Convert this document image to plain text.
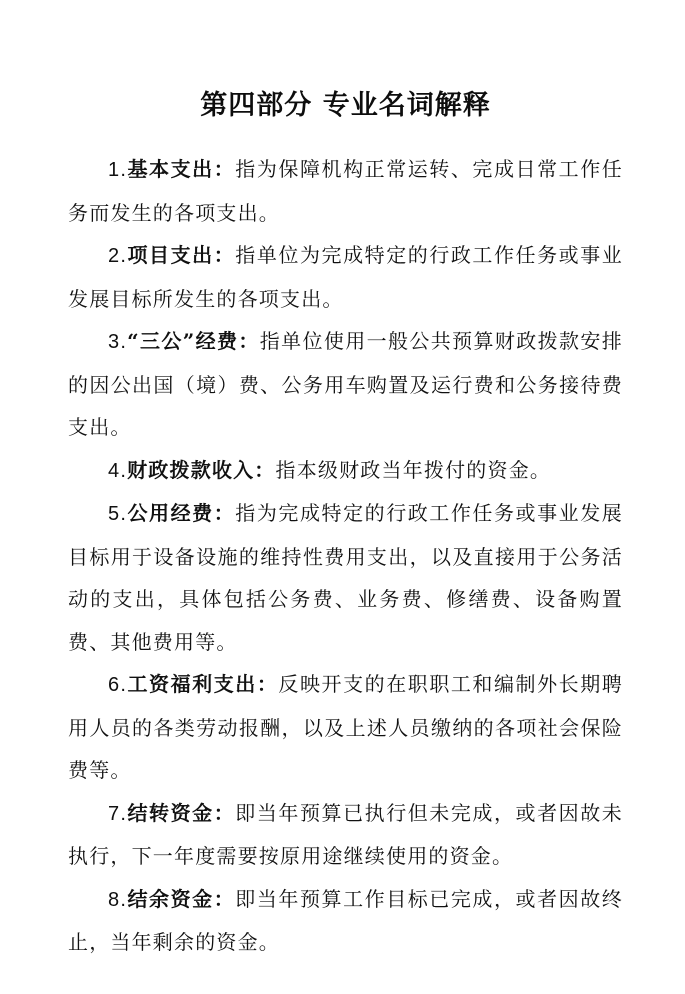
第四部分 专业名词解释

1.基本支出：指为保障机构正常运转、完成日常工作任务而发生的各项支出。

2.项目支出：指单位为完成特定的行政工作任务或事业发展目标所发生的各项支出。

3.“三公”经费：指单位使用一般公共预算财政拨款安排的因公出国（境）费、公务用车购置及运行费和公务接待费支出。

4.财政拨款收入：指本级财政当年拨付的资金。

5.公用经费：指为完成特定的行政工作任务或事业发展目标用于设备设施的维持性费用支出，以及直接用于公务活动的支出，具体包括公务费、业务费、修缮费、设备购置费、其他费用等。

6.工资福利支出：反映开支的在职职工和编制外长期聘用人员的各类劳动报酬，以及上述人员缴纳的各项社会保险费等。

7.结转资金：即当年预算已执行但未完成，或者因故未执行，下一年度需要按原用途继续使用的资金。

8.结余资金：即当年预算工作目标已完成，或者因故终止，当年剩余的资金。
